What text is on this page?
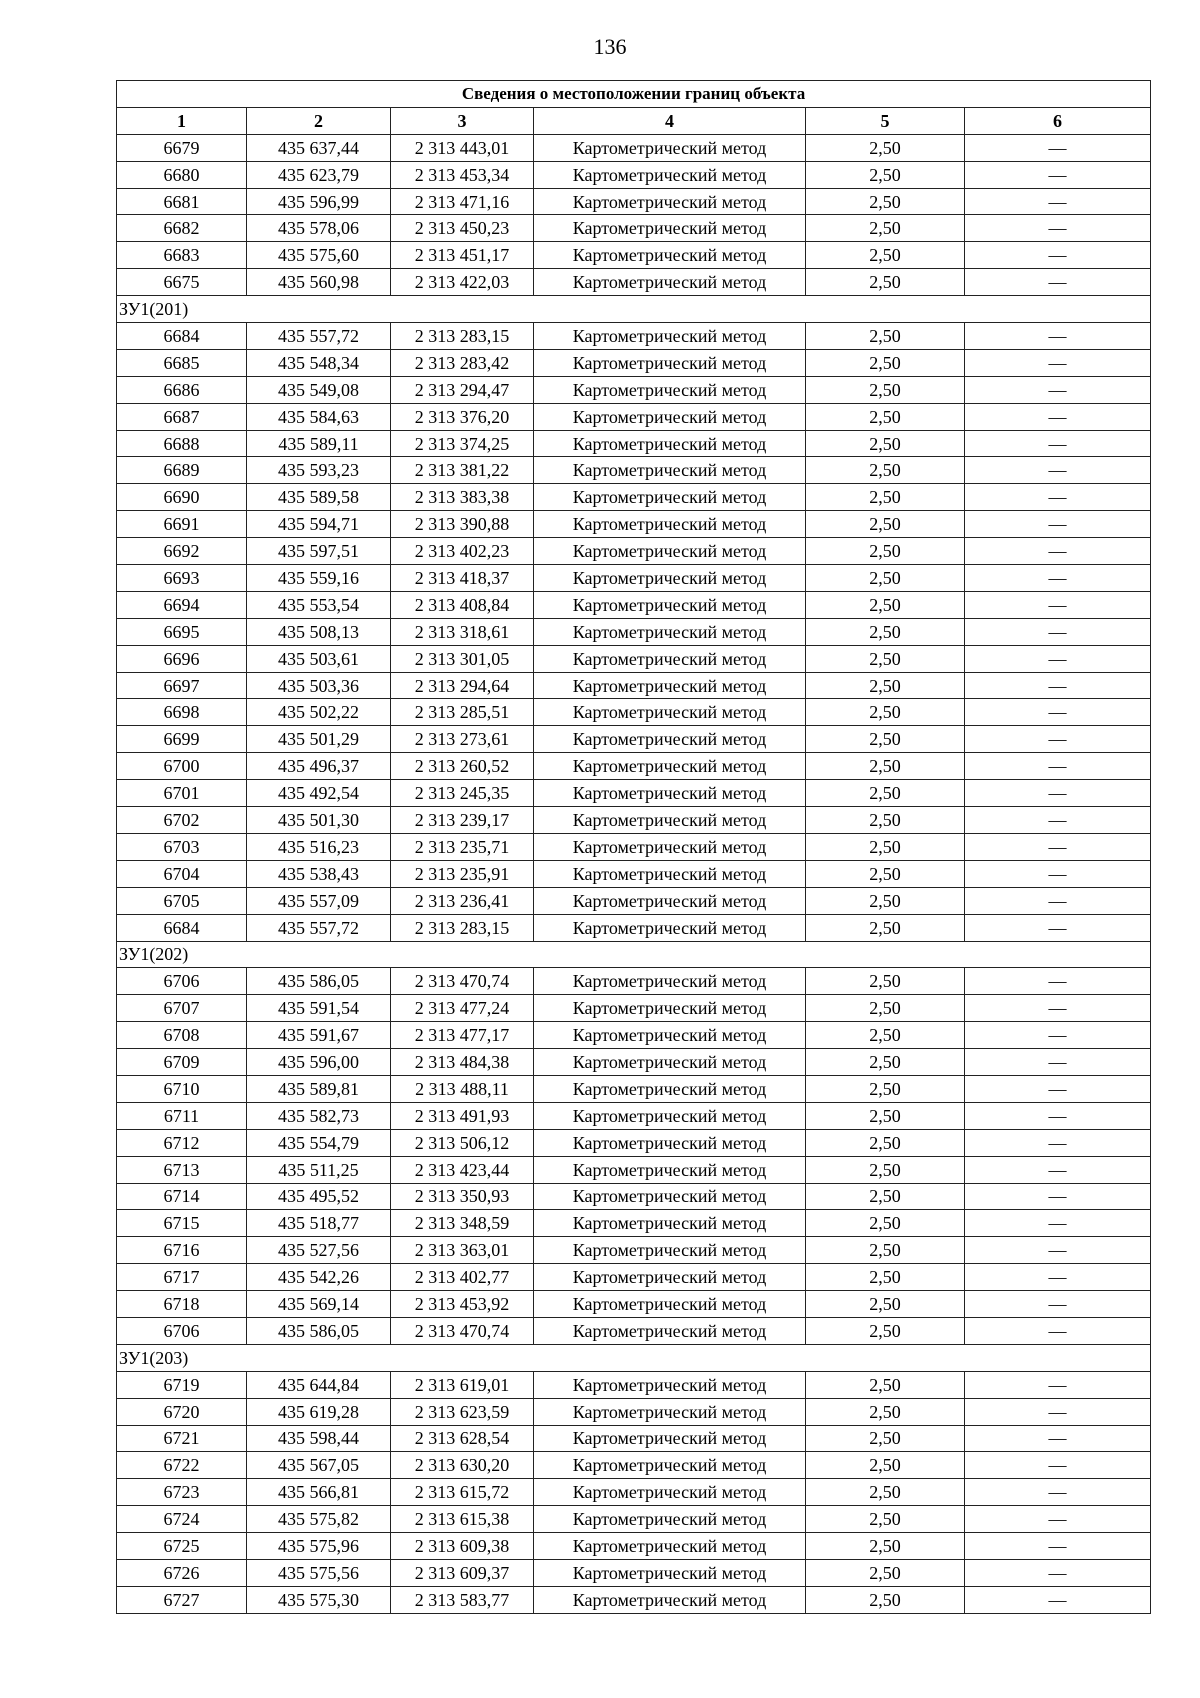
136
Сведения о местоположении границ объекта					
1	2	3	4	5	6
6679	435 637,44	2 313 443,01	Картометрический метод	2,50	—
6680	435 623,79	2 313 453,34	Картометрический метод	2,50	—
6681	435 596,99	2 313 471,16	Картометрический метод	2,50	—
6682	435 578,06	2 313 450,23	Картометрический метод	2,50	—
6683	435 575,60	2 313 451,17	Картометрический метод	2,50	—
6675	435 560,98	2 313 422,03	Картометрический метод	2,50	—
ЗУ1(201)					
6684	435 557,72	2 313 283,15	Картометрический метод	2,50	—
6685	435 548,34	2 313 283,42	Картометрический метод	2,50	—
6686	435 549,08	2 313 294,47	Картометрический метод	2,50	—
6687	435 584,63	2 313 376,20	Картометрический метод	2,50	—
6688	435 589,11	2 313 374,25	Картометрический метод	2,50	—
6689	435 593,23	2 313 381,22	Картометрический метод	2,50	—
6690	435 589,58	2 313 383,38	Картометрический метод	2,50	—
6691	435 594,71	2 313 390,88	Картометрический метод	2,50	—
6692	435 597,51	2 313 402,23	Картометрический метод	2,50	—
6693	435 559,16	2 313 418,37	Картометрический метод	2,50	—
6694	435 553,54	2 313 408,84	Картометрический метод	2,50	—
6695	435 508,13	2 313 318,61	Картометрический метод	2,50	—
6696	435 503,61	2 313 301,05	Картометрический метод	2,50	—
6697	435 503,36	2 313 294,64	Картометрический метод	2,50	—
6698	435 502,22	2 313 285,51	Картометрический метод	2,50	—
6699	435 501,29	2 313 273,61	Картометрический метод	2,50	—
6700	435 496,37	2 313 260,52	Картометрический метод	2,50	—
6701	435 492,54	2 313 245,35	Картометрический метод	2,50	—
6702	435 501,30	2 313 239,17	Картометрический метод	2,50	—
6703	435 516,23	2 313 235,71	Картометрический метод	2,50	—
6704	435 538,43	2 313 235,91	Картометрический метод	2,50	—
6705	435 557,09	2 313 236,41	Картометрический метод	2,50	—
6684	435 557,72	2 313 283,15	Картометрический метод	2,50	—
ЗУ1(202)					
6706	435 586,05	2 313 470,74	Картометрический метод	2,50	—
6707	435 591,54	2 313 477,24	Картометрический метод	2,50	—
6708	435 591,67	2 313 477,17	Картометрический метод	2,50	—
6709	435 596,00	2 313 484,38	Картометрический метод	2,50	—
6710	435 589,81	2 313 488,11	Картометрический метод	2,50	—
6711	435 582,73	2 313 491,93	Картометрический метод	2,50	—
6712	435 554,79	2 313 506,12	Картометрический метод	2,50	—
6713	435 511,25	2 313 423,44	Картометрический метод	2,50	—
6714	435 495,52	2 313 350,93	Картометрический метод	2,50	—
6715	435 518,77	2 313 348,59	Картометрический метод	2,50	—
6716	435 527,56	2 313 363,01	Картометрический метод	2,50	—
6717	435 542,26	2 313 402,77	Картометрический метод	2,50	—
6718	435 569,14	2 313 453,92	Картометрический метод	2,50	—
6706	435 586,05	2 313 470,74	Картометрический метод	2,50	—
ЗУ1(203)					
6719	435 644,84	2 313 619,01	Картометрический метод	2,50	—
6720	435 619,28	2 313 623,59	Картометрический метод	2,50	—
6721	435 598,44	2 313 628,54	Картометрический метод	2,50	—
6722	435 567,05	2 313 630,20	Картометрический метод	2,50	—
6723	435 566,81	2 313 615,72	Картометрический метод	2,50	—
6724	435 575,82	2 313 615,38	Картометрический метод	2,50	—
6725	435 575,96	2 313 609,38	Картометрический метод	2,50	—
6726	435 575,56	2 313 609,37	Картометрический метод	2,50	—
6727	435 575,30	2 313 583,77	Картометрический метод	2,50	—
